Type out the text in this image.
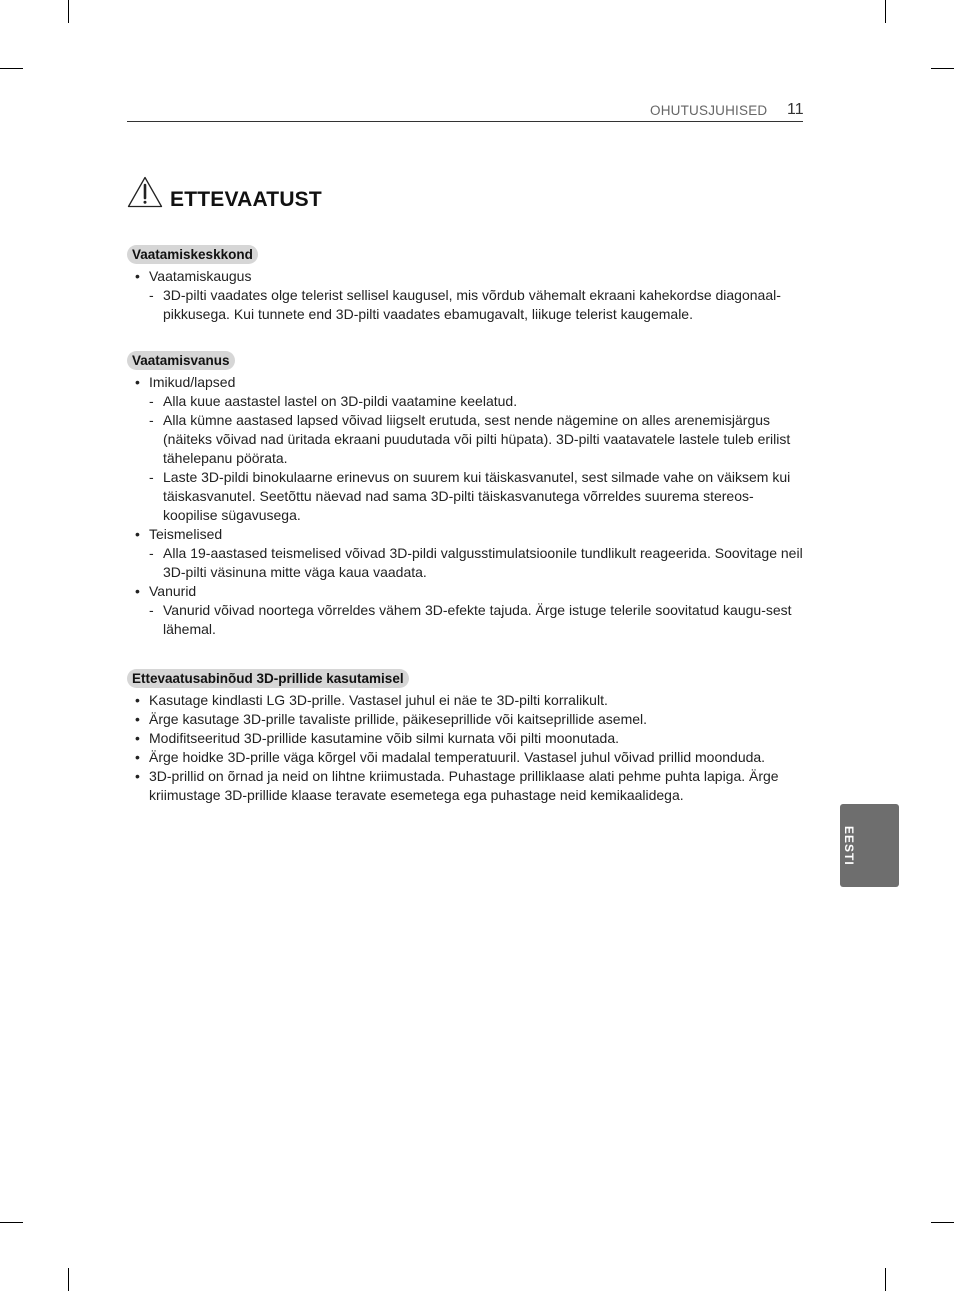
OHUTUSJUHISED 11
ETTEVAATUST
Vaatamiskeskkond
• Vaatamiskaugus
- 3D-pilti vaadates olge telerist sellisel kaugusel, mis võrdub vähemalt ekraani kahekordse diagonaal-pikkusega. Kui tunnete end 3D-pilti vaadates ebamugavalt, liikuge telerist kaugemale.
Vaatamisvanus
• Imikud/lapsed
- Alla kuue aastastel lastel on 3D-pildi vaatamine keelatud.
- Alla kümne aastased lapsed võivad liigselt erutuda, sest nende nägemine on alles arenemisjärgus (näiteks võivad nad üritada ekraani puudutada või pilti hüpata). 3D-pilti vaatavatele lastele tuleb erilist tähelepanu pöörata.
- Laste 3D-pildi binokulaarne erinevus on suurem kui täiskasvanutel, sest silmade vahe on väiksem kui täiskasvanutel. Seetõttu näevad nad sama 3D-pilti täiskasvanutega võrreldes suurema stereos-koopilise sügavusega.
• Teismelised
- Alla 19-aastased teismelised võivad 3D-pildi valgusstimulatsioonile tundlikult reageerida. Soovitage neil 3D-pilti väsinuna mitte väga kaua vaadata.
• Vanurid
- Vanurid võivad noortega võrreldes vähem 3D-efekte tajuda. Ärge istuge telerile soovitatud kaugu-sest lähemal.
Ettevaatusabinõud 3D-prillide kasutamisel
• Kasutage kindlasti LG 3D-prille. Vastasel juhul ei näe te 3D-pilti korralikult.
• Ärge kasutage 3D-prille tavaliste prillide, päikeseprillide või kaitseprillide asemel.
• Modifitseeritud 3D-prillide kasutamine võib silmi kurnata või pilti moonutada.
• Ärge hoidke 3D-prille väga kõrgel või madalal temperatuuril. Vastasel juhul võivad prillid moonduda.
• 3D-prillid on õrnad ja neid on lihtne kriimustada. Puhastage prilliklaase alati pehme puhta lapiga. Ärge kriimustage 3D-prillide klaase teravate esemetega ega puhastage neid kemikaalidega.
EESTI
